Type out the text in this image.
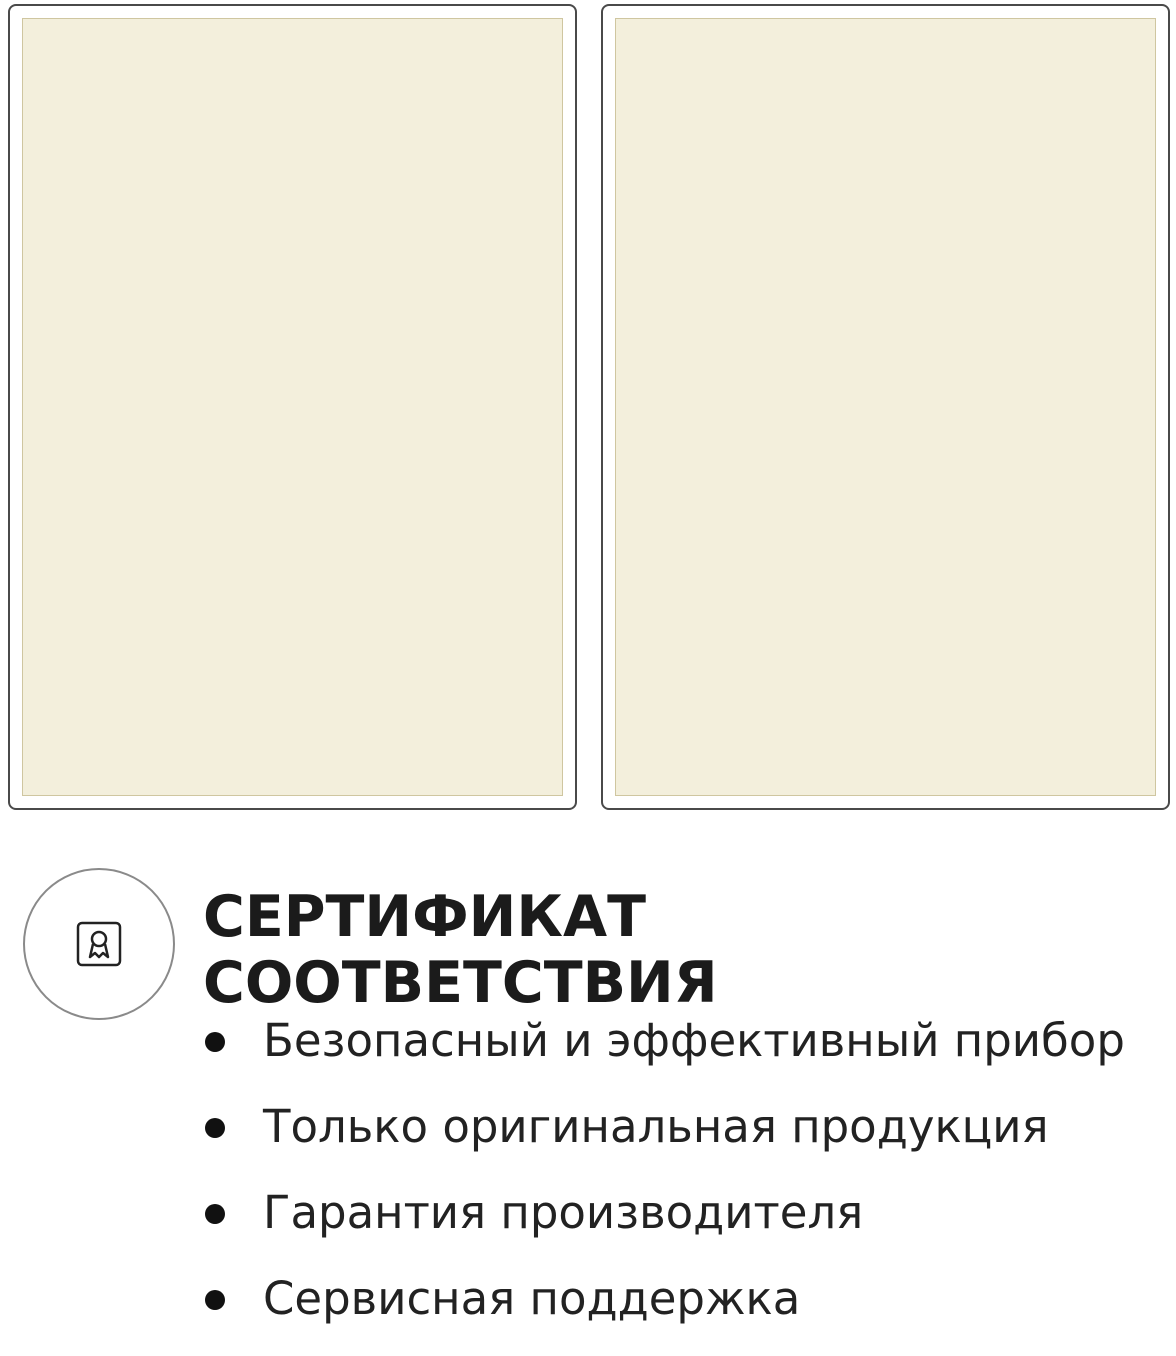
СЕРТИФИКАТ СООТВЕТСТВИЯ
Безопасный и эффективный прибор
Только оригинальная продукция
Гарантия производителя
Сервисная поддержка
